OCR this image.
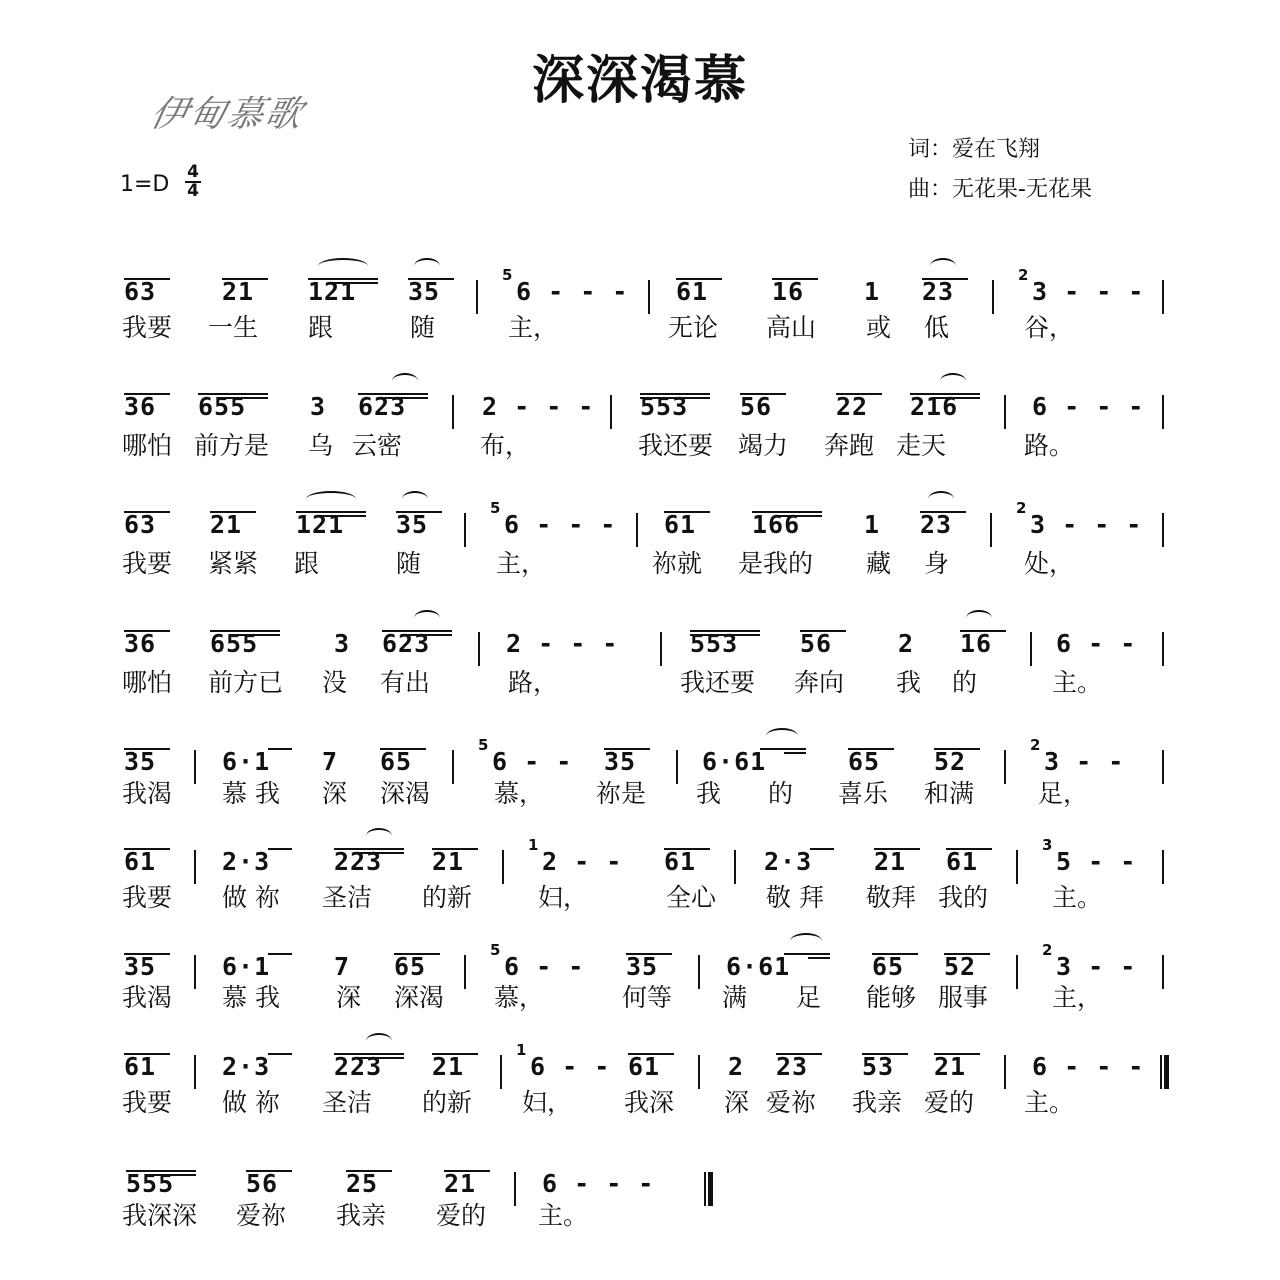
深深渴慕
伊甸慕歌
词：爱在飞翔
曲：无花果-无花果
1=D 4
4
63	21 121 35
5
6 - - - 61	16 1 23
2
3 - - -
我要 一生 跟	随	主，	无论 高山 或 低	谷，
36 655	3 623	2 - - - 553 56	22 216	6 - - -
哪怕 前方是 乌 云密	布，	我还要 竭力 奔跑 走天	路。
63 21 121 35
5
6 - - - 61 166	1 23
2
3 - - -
我要 紧紧 跟	随	主，	祢就 是我的 藏 身	处，
36 655	3 623	2 - - -	553 56	2 16	6 - -
哪怕 前方已 没 有出	路，	我还要 奔向 我 的	主。
35	6·1 7 65
5
6 - - 35	6·61	65 52
2
3 - -
我渴 慕 我 深 深渴	慕， 祢是 我 的 喜乐 和满	足，
61	2·3	223 21
1
2 - - 61	2·3 21 61
3
5 - -
我要 做 祢 圣洁 的新	妇，	全心 敬 拜 敬拜 我的	主。
35	6·1	7 65
5
6 - - 35	6·61	65 52
2
3 - -
我渴 慕 我 深 深渴 慕，	何等 满 足 能够 服事	主，
61	2·3	223 21
1
6 - - 61	2 23 53 21	6 - - -
我要 做 祢 圣洁 的新 妇， 我深 深 爱祢 我亲 爱的 主。
555	56	25	21	6 - - -
我深深 爱祢 我亲 爱的 主。
